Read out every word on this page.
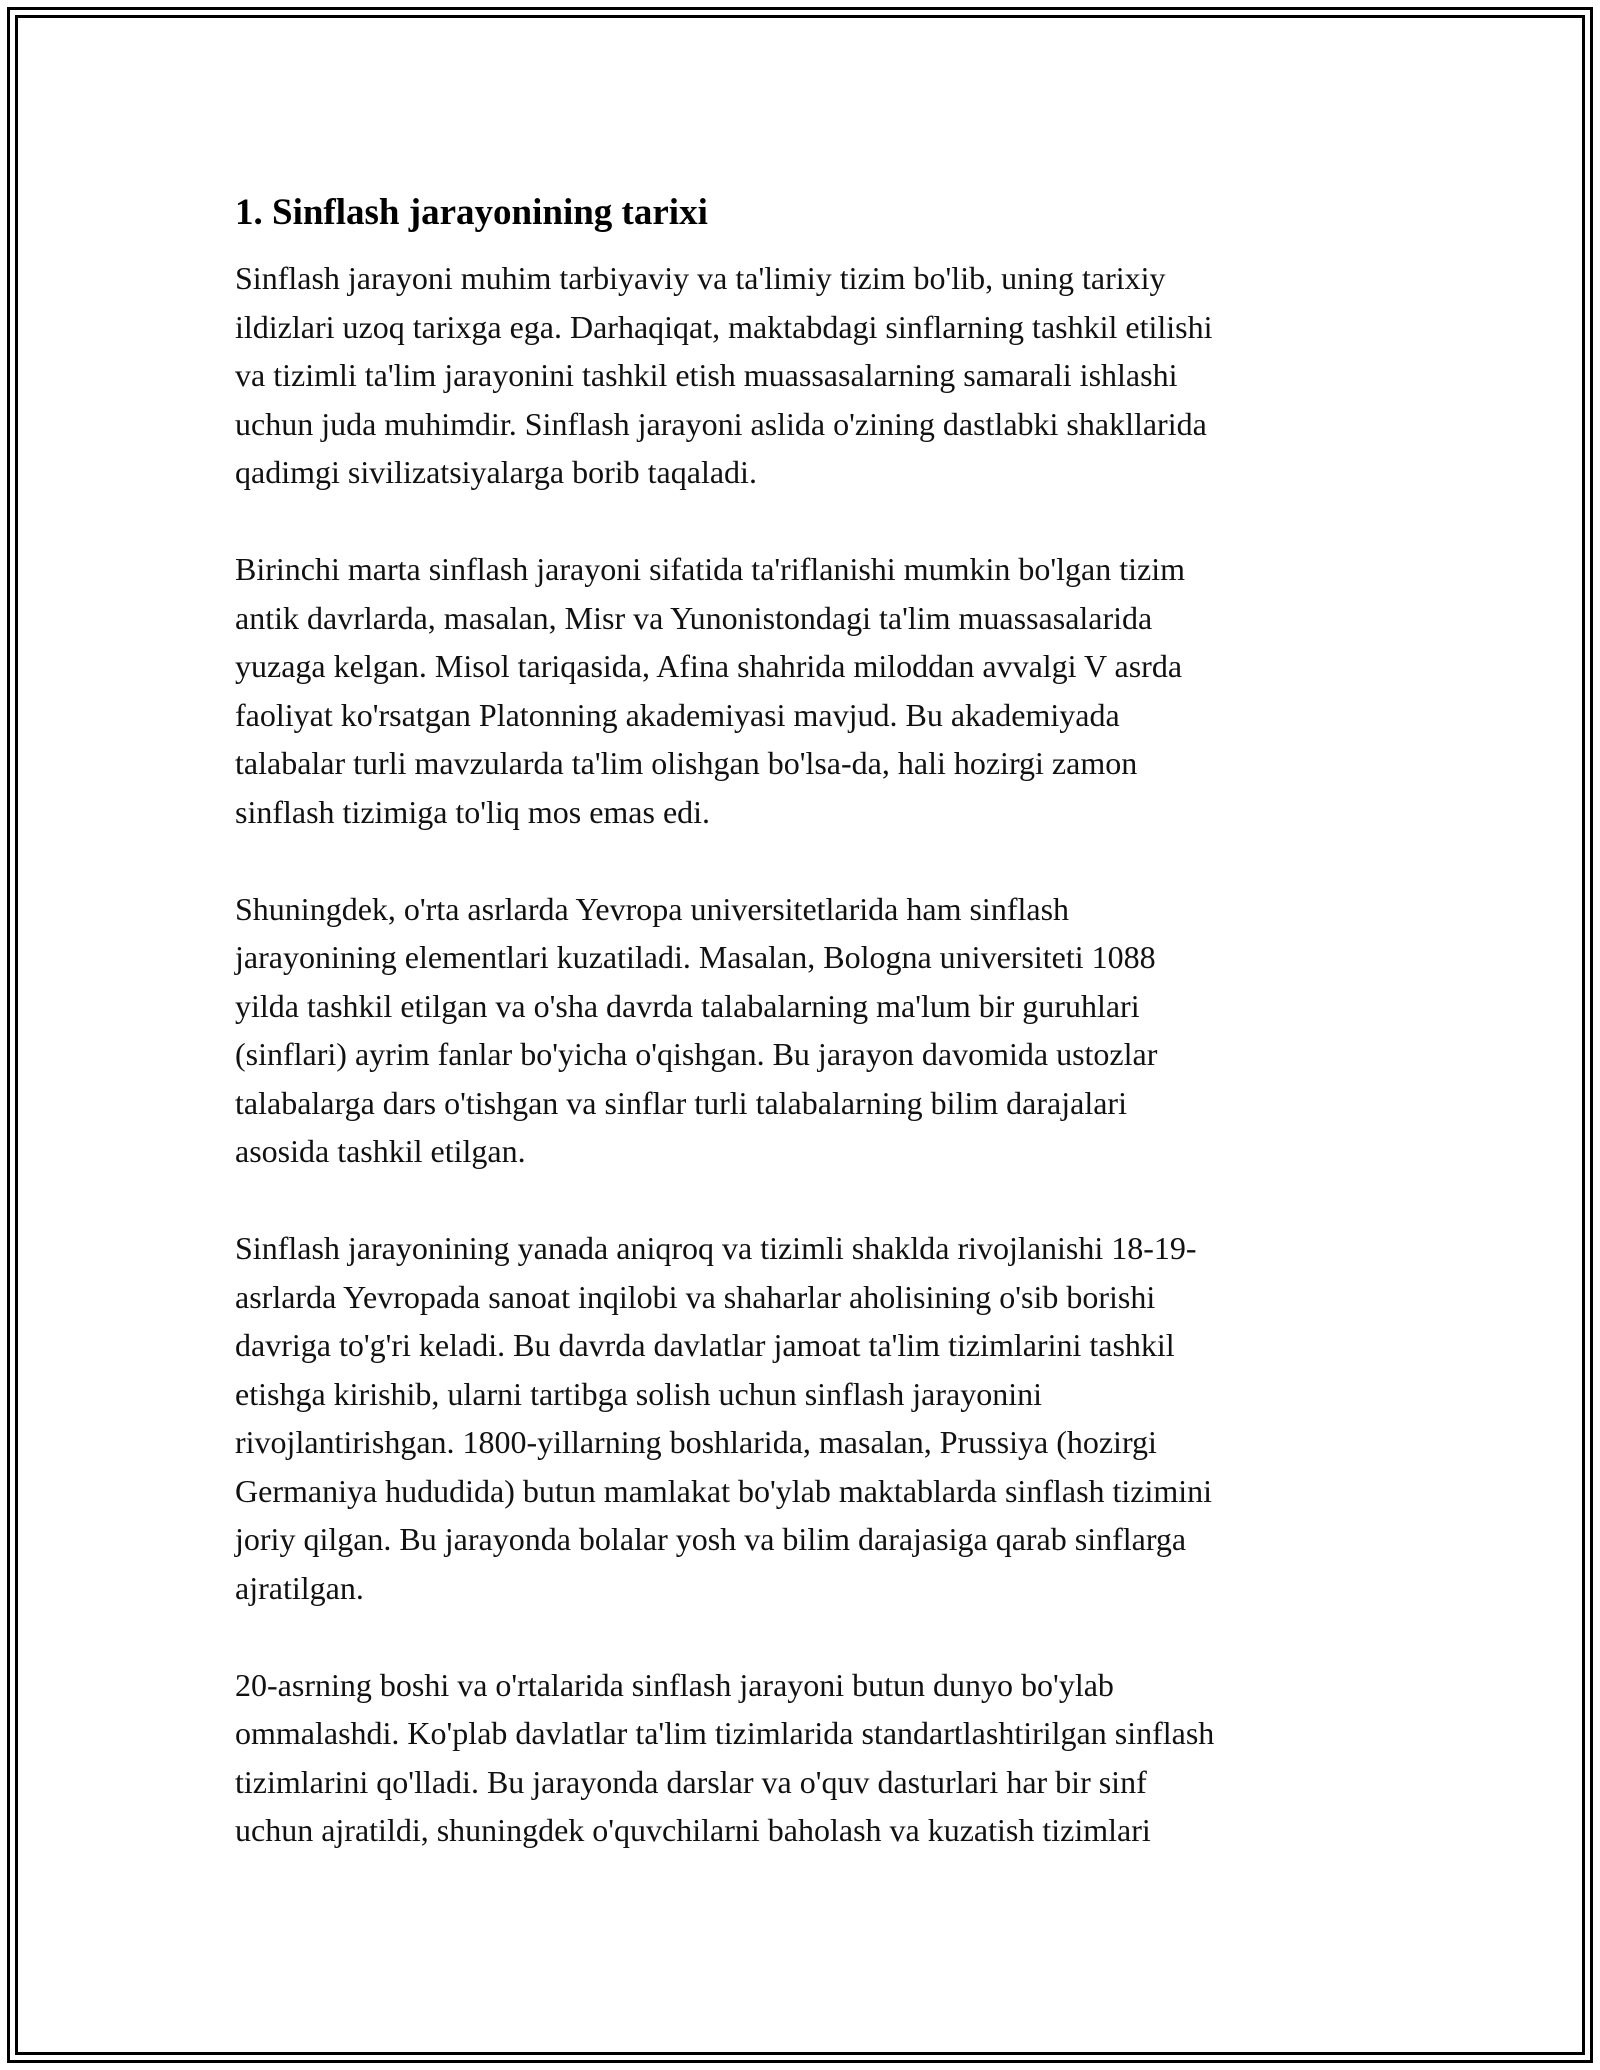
1. Sinflash jarayonining tarixi

Sinflash jarayoni muhim tarbiyaviy va ta'limiy tizim bo'lib, uning tarixiy
ildizlari uzoq tarixga ega. Darhaqiqat, maktabdagi sinflarning tashkil etilishi
va tizimli ta'lim jarayonini tashkil etish muassasalarning samarali ishlashi
uchun juda muhimdir. Sinflash jarayoni aslida o'zining dastlabki shakllarida
qadimgi sivilizatsiyalarga borib taqaladi.

Birinchi marta sinflash jarayoni sifatida ta'riflanishi mumkin bo'lgan tizim
antik davrlarda, masalan, Misr va Yunonistondagi ta'lim muassasalarida
yuzaga kelgan. Misol tariqasida, Afina shahrida miloddan avvalgi V asrda
faoliyat ko'rsatgan Platonning akademiyasi mavjud. Bu akademiyada
talabalar turli mavzularda ta'lim olishgan bo'lsa-da, hali hozirgi zamon
sinflash tizimiga to'liq mos emas edi.

Shuningdek, o'rta asrlarda Yevropa universitetlarida ham sinflash
jarayonining elementlari kuzatiladi. Masalan, Bologna universiteti 1088
yilda tashkil etilgan va o'sha davrda talabalarning ma'lum bir guruhlari
(sinflari) ayrim fanlar bo'yicha o'qishgan. Bu jarayon davomida ustozlar
talabalarga dars o'tishgan va sinflar turli talabalarning bilim darajalari
asosida tashkil etilgan.

Sinflash jarayonining yanada aniqroq va tizimli shaklda rivojlanishi 18-19-
asrlarda Yevropada sanoat inqilobi va shaharlar aholisining o'sib borishi
davriga to'g'ri keladi. Bu davrda davlatlar jamoat ta'lim tizimlarini tashkil
etishga kirishib, ularni tartibga solish uchun sinflash jarayonini
rivojlantirishgan. 1800-yillarning boshlarida, masalan, Prussiya (hozirgi
Germaniya hududida) butun mamlakat bo'ylab maktablarda sinflash tizimini
joriy qilgan. Bu jarayonda bolalar yosh va bilim darajasiga qarab sinflarga
ajratilgan.

20-asrning boshi va o'rtalarida sinflash jarayoni butun dunyo bo'ylab
ommalashdi. Ko'plab davlatlar ta'lim tizimlarida standartlashtirilgan sinflash
tizimlarini qo'lladi. Bu jarayonda darslar va o'quv dasturlari har bir sinf
uchun ajratildi, shuningdek o'quvchilarni baholash va kuzatish tizimlari
